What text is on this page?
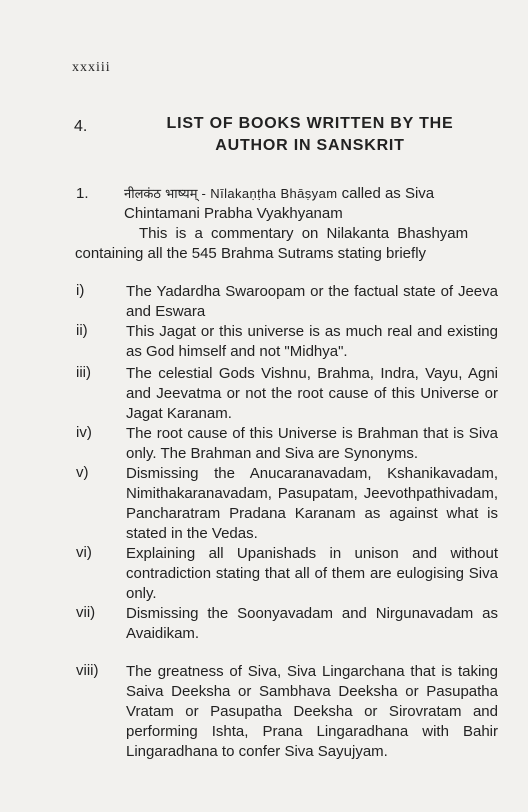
xxxiii
4.	LIST OF BOOKS WRITTEN BY THE
AUTHOR IN SANSKRIT
1.	नीलकंठ भाष्यम् - Nīlakaṇṭha Bhāṣyam called as Siva
Chintamani Prabha Vyakhyanam
This is a commentary on Nilakanta Bhashyam
containing all the 545 Brahma Sutrams stating briefly
i)	The Yadardha Swaroopam or the factual state of Jeeva and Eswara
ii)	This Jagat or this universe is as much real and existing as God himself and not "Midhya".
iii) The celestial Gods Vishnu, Brahma, Indra, Vayu, Agni and Jeevatma or not the root cause of this Universe or Jagat Karanam.
iv) The root cause of this Universe is Brahman that is Siva only. The Brahman and Siva are Synonyms.
v)	Dismissing the Anucaranavadam, Kshanikavadam, Nimithakaranavadam, Pasupatam, Jeevothpathivadam, Pancharatram Pradana Karanam as against what is stated in the Vedas.
vi) Explaining all Upanishads in unison and without contradiction stating that all of them are eulogising Siva only.
vii) Dismissing the Soonyavadam and Nirgunavadam as Avaidikam.
viii) The greatness of Siva, Siva Lingarchana that is taking Saiva Deeksha or Sambhava Deeksha or Pasupatha Vratam or Pasupatha Deeksha or Sirovratam and performing Ishta, Prana Lingaradhana with Bahir Lingaradhana to confer Siva Sayujyam.
